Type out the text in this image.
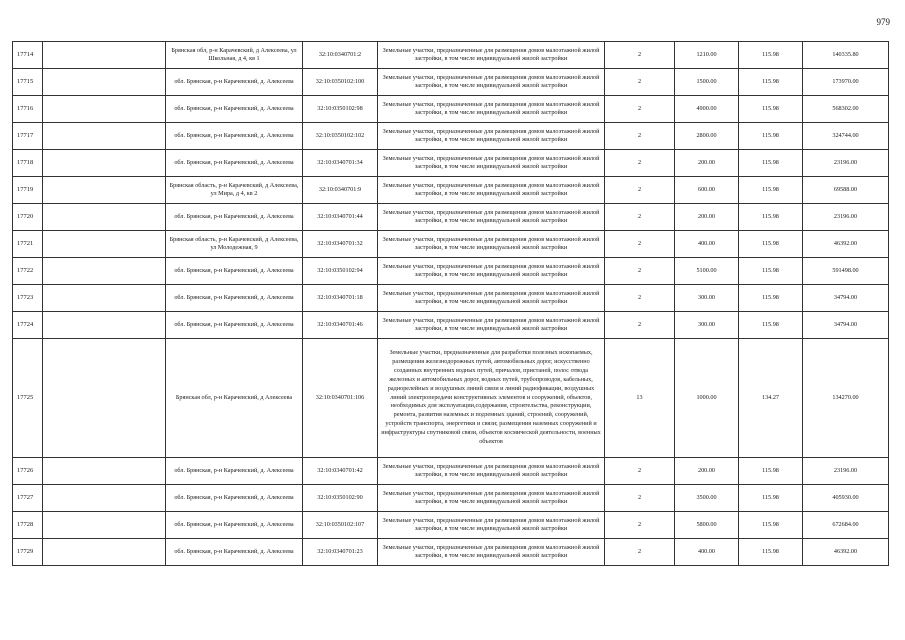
979
17714		Брянская обл, р-н Карачевский, д Алексеева, ул Школьная, д 4, кв 1	32:10:0340701:2	Земельные участки, предназначенные для размещения домов малоэтажной жилой застройки, в том числе индивидуальной жилой застройки	2	1210.00	115.98	140335.80
17715		обл. Брянская, р-н Карачевский, д. Алексеева	32:10:0350102:100	Земельные участки, предназначенные для размещения домов малоэтажной жилой застройки, в том числе индивидуальной жилой застройки	2	1500.00	115.98	173970.00
17716		обл. Брянская, р-н Карачевский, д. Алексеева	32:10:0350102:98	Земельные участки, предназначенные для размещения домов малоэтажной жилой застройки, в том числе индивидуальной жилой застройки	2	4900.00	115.98	568302.00
17717		обл. Брянская, р-н Карачевский, д. Алексеева	32:10:0350102:102	Земельные участки, предназначенные для размещения домов малоэтажной жилой застройки, в том числе индивидуальной жилой застройки	2	2800.00	115.98	324744.00
17718		обл. Брянская, р-н Карачевский, д. Алексеева	32:10:0340701:34	Земельные участки, предназначенные для размещения домов малоэтажной жилой застройки, в том числе индивидуальной жилой застройки	2	200.00	115.98	23196.00
17719		Брянская область, р-н Карачевский, д Алексеева, ул Мира, д 4, кв 2	32:10:0340701:9	Земельные участки, предназначенные для размещения домов малоэтажной жилой застройки, в том числе индивидуальной жилой застройки	2	600.00	115.98	69588.00
17720		обл. Брянская, р-н Карачевский, д. Алексеева	32:10:0340701:44	Земельные участки, предназначенные для размещения домов малоэтажной жилой застройки, в том числе индивидуальной жилой застройки	2	200.00	115.98	23196.00
17721		Брянская область, р-н Карачевский, д Алексеева, ул Молодежная, 9	32:10:0340701:32	Земельные участки, предназначенные для размещения домов малоэтажной жилой застройки, в том числе индивидуальной жилой застройки	2	400.00	115.98	46392.00
17722		обл. Брянская, р-н Карачевский, д. Алексеева	32:10:0350102:94	Земельные участки, предназначенные для размещения домов малоэтажной жилой застройки, в том числе индивидуальной жилой застройки	2	5100.00	115.98	591498.00
17723		обл. Брянская, р-н Карачевский, д. Алексеева	32:10:0340701:18	Земельные участки, предназначенные для размещения домов малоэтажной жилой застройки, в том числе индивидуальной жилой застройки	2	300.00	115.98	34794.00
17724		обл. Брянская, р-н Карачевский, д. Алексеева	32:10:0340701:46	Земельные участки, предназначенные для размещения домов малоэтажной жилой застройки, в том числе индивидуальной жилой застройки	2	300.00	115.98	34794.00
17725		Брянская обл, р-н Карачевский, д Алексеева	32:10:0340701:106	Земельные участки, предназначенные для разработки полезных ископаемых, размещения железнодорожных путей, автомобильных дорог, искусственно созданных внутренних водных путей, причалов, пристаней, полос отвода железных и автомобильных дорог, водных путей, трубопроводов, кабельных, радиорелейных и воздушных линий связи и линий радиофикации, воздушных линий электропередачи конструктивных элементов и сооружений, объектов, необходимых для эксплуатации,содержания, строительства, реконструкции, ремонта, развития наземных и подземных зданий, строений, сооружений, устройств транспорта, энергетики и связи; размещения наземных сооружений и инфраструктуры спутниковой связи, объектов космической деятельности, военных объектов	13	1000.00	134.27	134270.00
17726		обл. Брянская, р-н Карачевский, д. Алексеева	32:10:0340701:42	Земельные участки, предназначенные для размещения домов малоэтажной жилой застройки, в том числе индивидуальной жилой застройки	2	200.00	115.98	23196.00
17727		обл. Брянская, р-н Карачевский, д. Алексеева	32:10:0350102:90	Земельные участки, предназначенные для размещения домов малоэтажной жилой застройки, в том числе индивидуальной жилой застройки	2	3500.00	115.98	405930.00
17728		обл. Брянская, р-н Карачевский, д. Алексеева	32:10:0350102:107	Земельные участки, предназначенные для размещения домов малоэтажной жилой застройки, в том числе индивидуальной жилой застройки	2	5800.00	115.98	672684.00
17729		обл. Брянская, р-н Карачевский, д. Алексеева	32:10:0340701:23	Земельные участки, предназначенные для размещения домов малоэтажной жилой застройки, в том числе индивидуальной жилой застройки	2	400.00	115.98	46392.00
